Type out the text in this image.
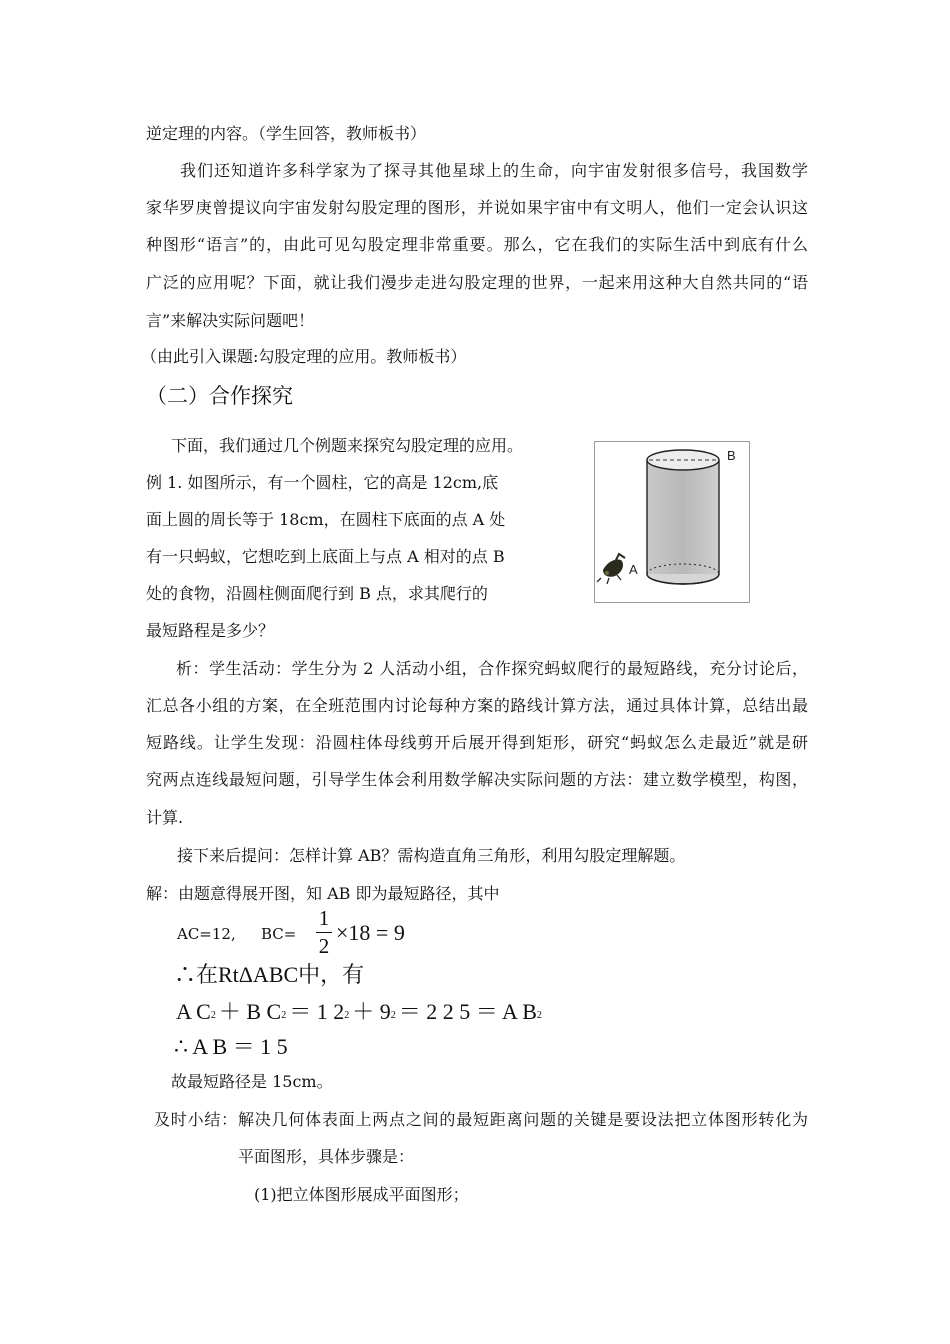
逆定理的内容。（学生回答，教师板书）
我们还知道许多科学家为了探寻其他星球上的生命，向宇宙发射很多信号，我国数学
家华罗庚曾提议向宇宙发射勾股定理的图形，并说如果宇宙中有文明人，他们一定会认识这
种图形“语言”的，由此可见勾股定理非常重要。那么，它在我们的实际生活中到底有什么
广泛的应用呢？下面，就让我们漫步走进勾股定理的世界，一起来用这种大自然共同的“语
言”来解决实际问题吧！
（由此引入课题:勾股定理的应用。教师板书）
（二）合作探究
下面，我们通过几个例题来探究勾股定理的应用。
例 1. 如图所示，有一个圆柱，它的高是 12cm,底
面上圆的周长等于 18cm，在圆柱下底面的点 A 处
有一只蚂蚁，它想吃到上底面上与点 A 相对的点 B
处的食物，沿圆柱侧面爬行到 B 点，求其爬行的
最短路程是多少？
B
A
析：学生活动：学生分为 2 人活动小组，合作探究蚂蚁爬行的最短路线，充分讨论后，
汇总各小组的方案，在全班范围内讨论每种方案的路线计算方法，通过具体计算，总结出最
短路线。让学生发现：沿圆柱体母线剪开后展开得到矩形，研究“蚂蚁怎么走最近”就是研
究两点连线最短问题，引导学生体会利用数学解决实际问题的方法：建立数学模型，构图，
计算.
接下来后提问：怎样计算 AB？需构造直角三角形，利用勾股定理解题。
解：由题意得展开图，知 AB 即为最短路径，其中
AC=12, BC=
1
2
×18 = 9
∴在RtΔABC中，有
A $C^2 + B$ $C^2 = 1$ $2^2 + 9^2 = 2$ 2 5 ＝ A $B^2$
∴ A B ＝ 1 5
故最短路径是 15cm。
及时小结：解决几何体表面上两点之间的最短距离问题的关键是要设法把立体图形转化为
平面图形，具体步骤是：
(1)把立体图形展成平面图形；
